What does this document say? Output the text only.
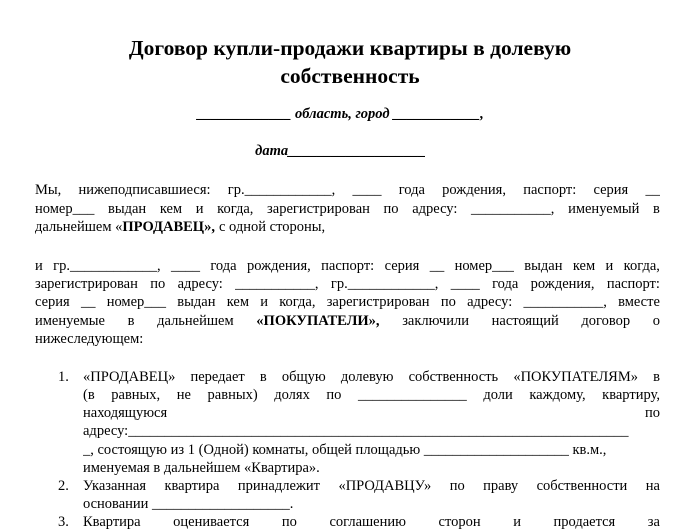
Договор купли-продажи квартиры в долевую
собственность
_____________ область, город ____________,
дата___________________
Мы, нижеподписавшиеся: гр.____________, ____ года рождения, паспорт: серия __
номер___ выдан кем и когда, зарегистрирован по адресу: ___________, именуемый в
дальнейшем «ПРОДАВЕЦ», с одной стороны,
и гр.____________, ____ года рождения, паспорт: серия __ номер___ выдан кем и когда,
зарегистрирован по адресу: ___________, гр.____________, ____ года рождения, паспорт:
серия __ номер___ выдан кем и когда, зарегистрирован по адресу: ___________, вместе
именуемые в дальнейшем «ПОКУПАТЕЛИ», заключили настоящий договор о
нижеследующем:
1. «ПРОДАВЕЦ» передает в общую долевую собственность «ПОКУПАТЕЛЯМ» в
(в равных, не равных) долях по _______________ доли каждому, квартиру,
находящуюся	по
адресу:_____________________________________________________________________
_, состоящую из 1 (Одной) комнаты, общей площадью ____________________ кв.м.,
именуемая в дальнейшем «Квартира».
2. Указанная квартира принадлежит «ПРОДАВЦУ» по праву собственности на
основании ___________________.
3. Квартира оценивается по соглашению сторон и продается за
